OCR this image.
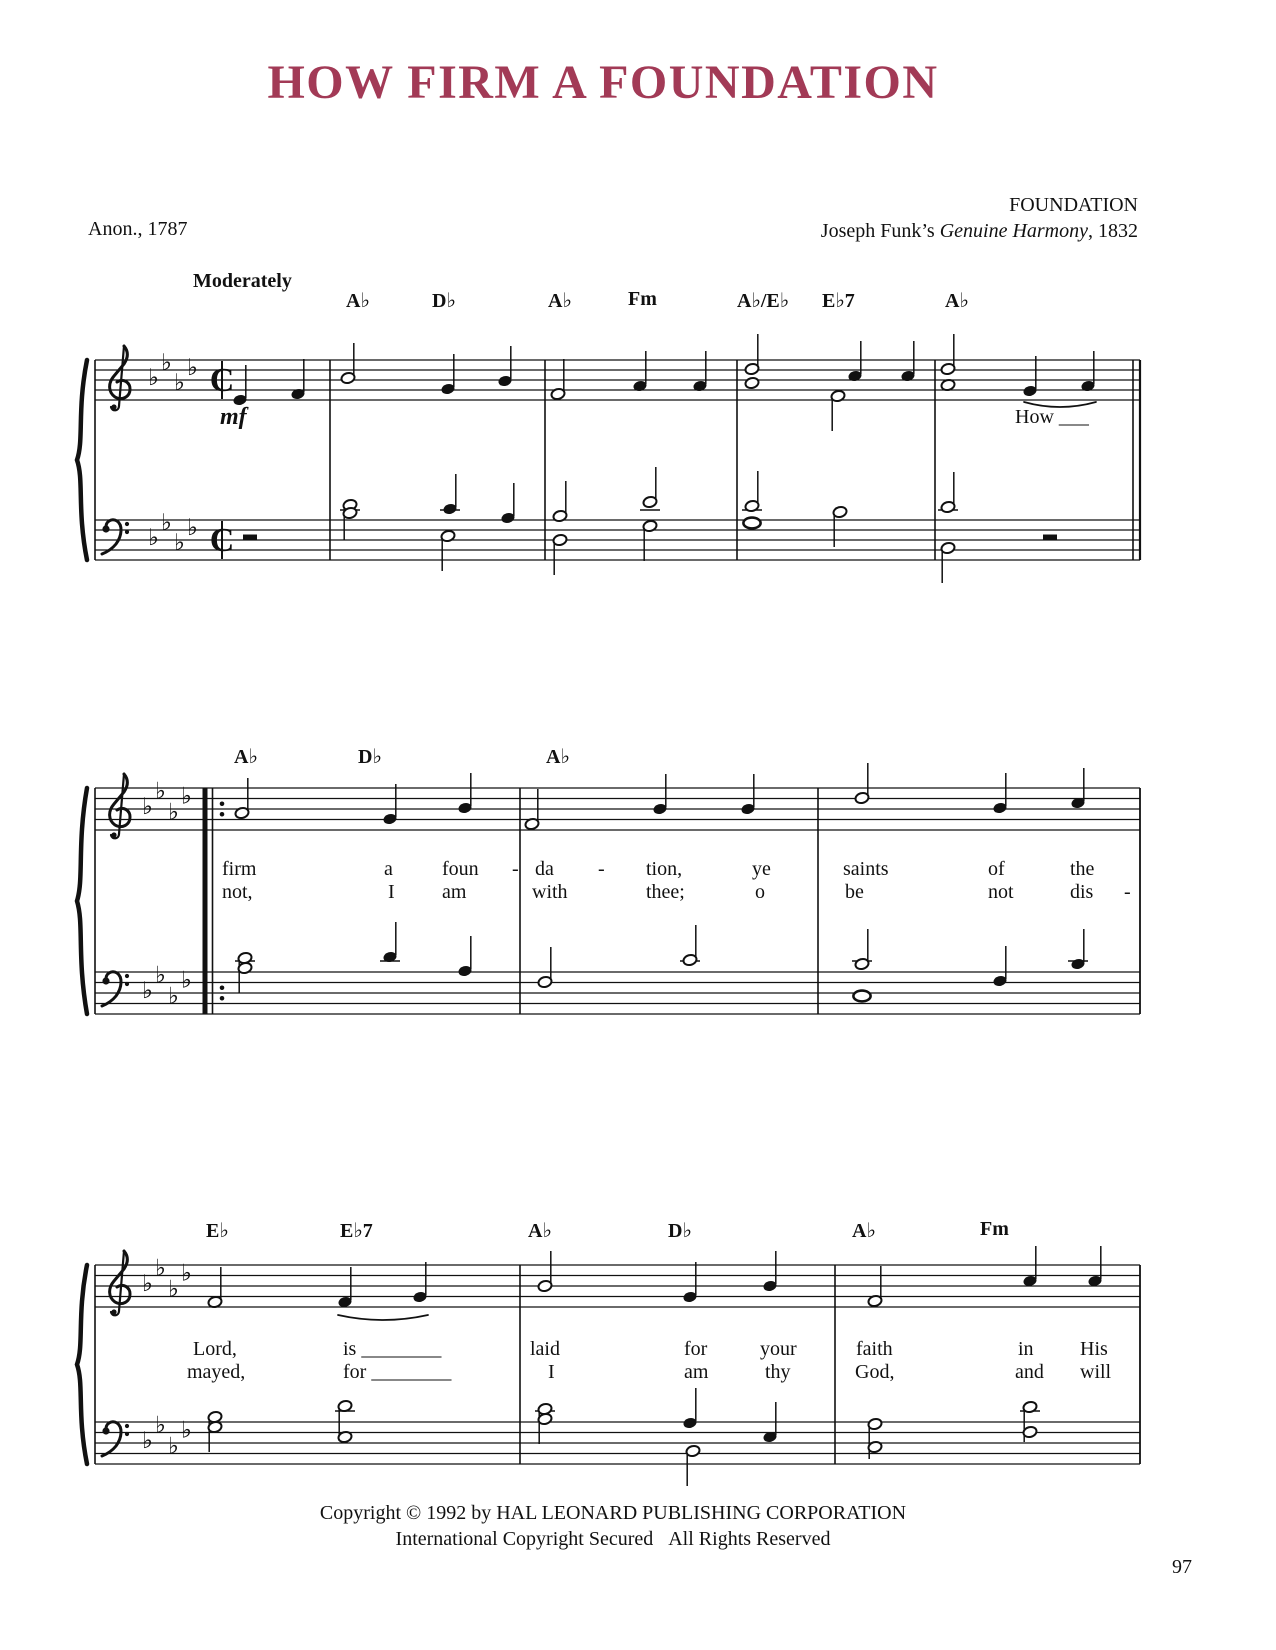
HOW FIRM A FOUNDATION
Anon., 1787
FOUNDATION
Joseph Funk’s Genuine Harmony, 1832
Moderately
mf
♭
♭
♭
♭
♭
♭
♭
♭
C
C
♭
♭
♭
♭
♭
♭
♭
♭
♭
♭
♭
♭
♭
♭
♭
♭
A♭	D♭	A♭	Fm	A♭/E♭ E♭7	A♭
How ___
A♭	D♭	A♭
firm	a foun - da - tion,	ye	saints	of	the
not,	I am	with	thee;	o	be	not	dis -
E♭	E♭7	A♭	D♭	A♭	Fm
Lord,	is ________	laid	for	your	faith	in His
mayed,	for ________	I	am	thy	God,	and will
Copyright © 1992 by HAL LEONARD PUBLISHING CORPORATION
International Copyright Secured   All Rights Reserved
97
